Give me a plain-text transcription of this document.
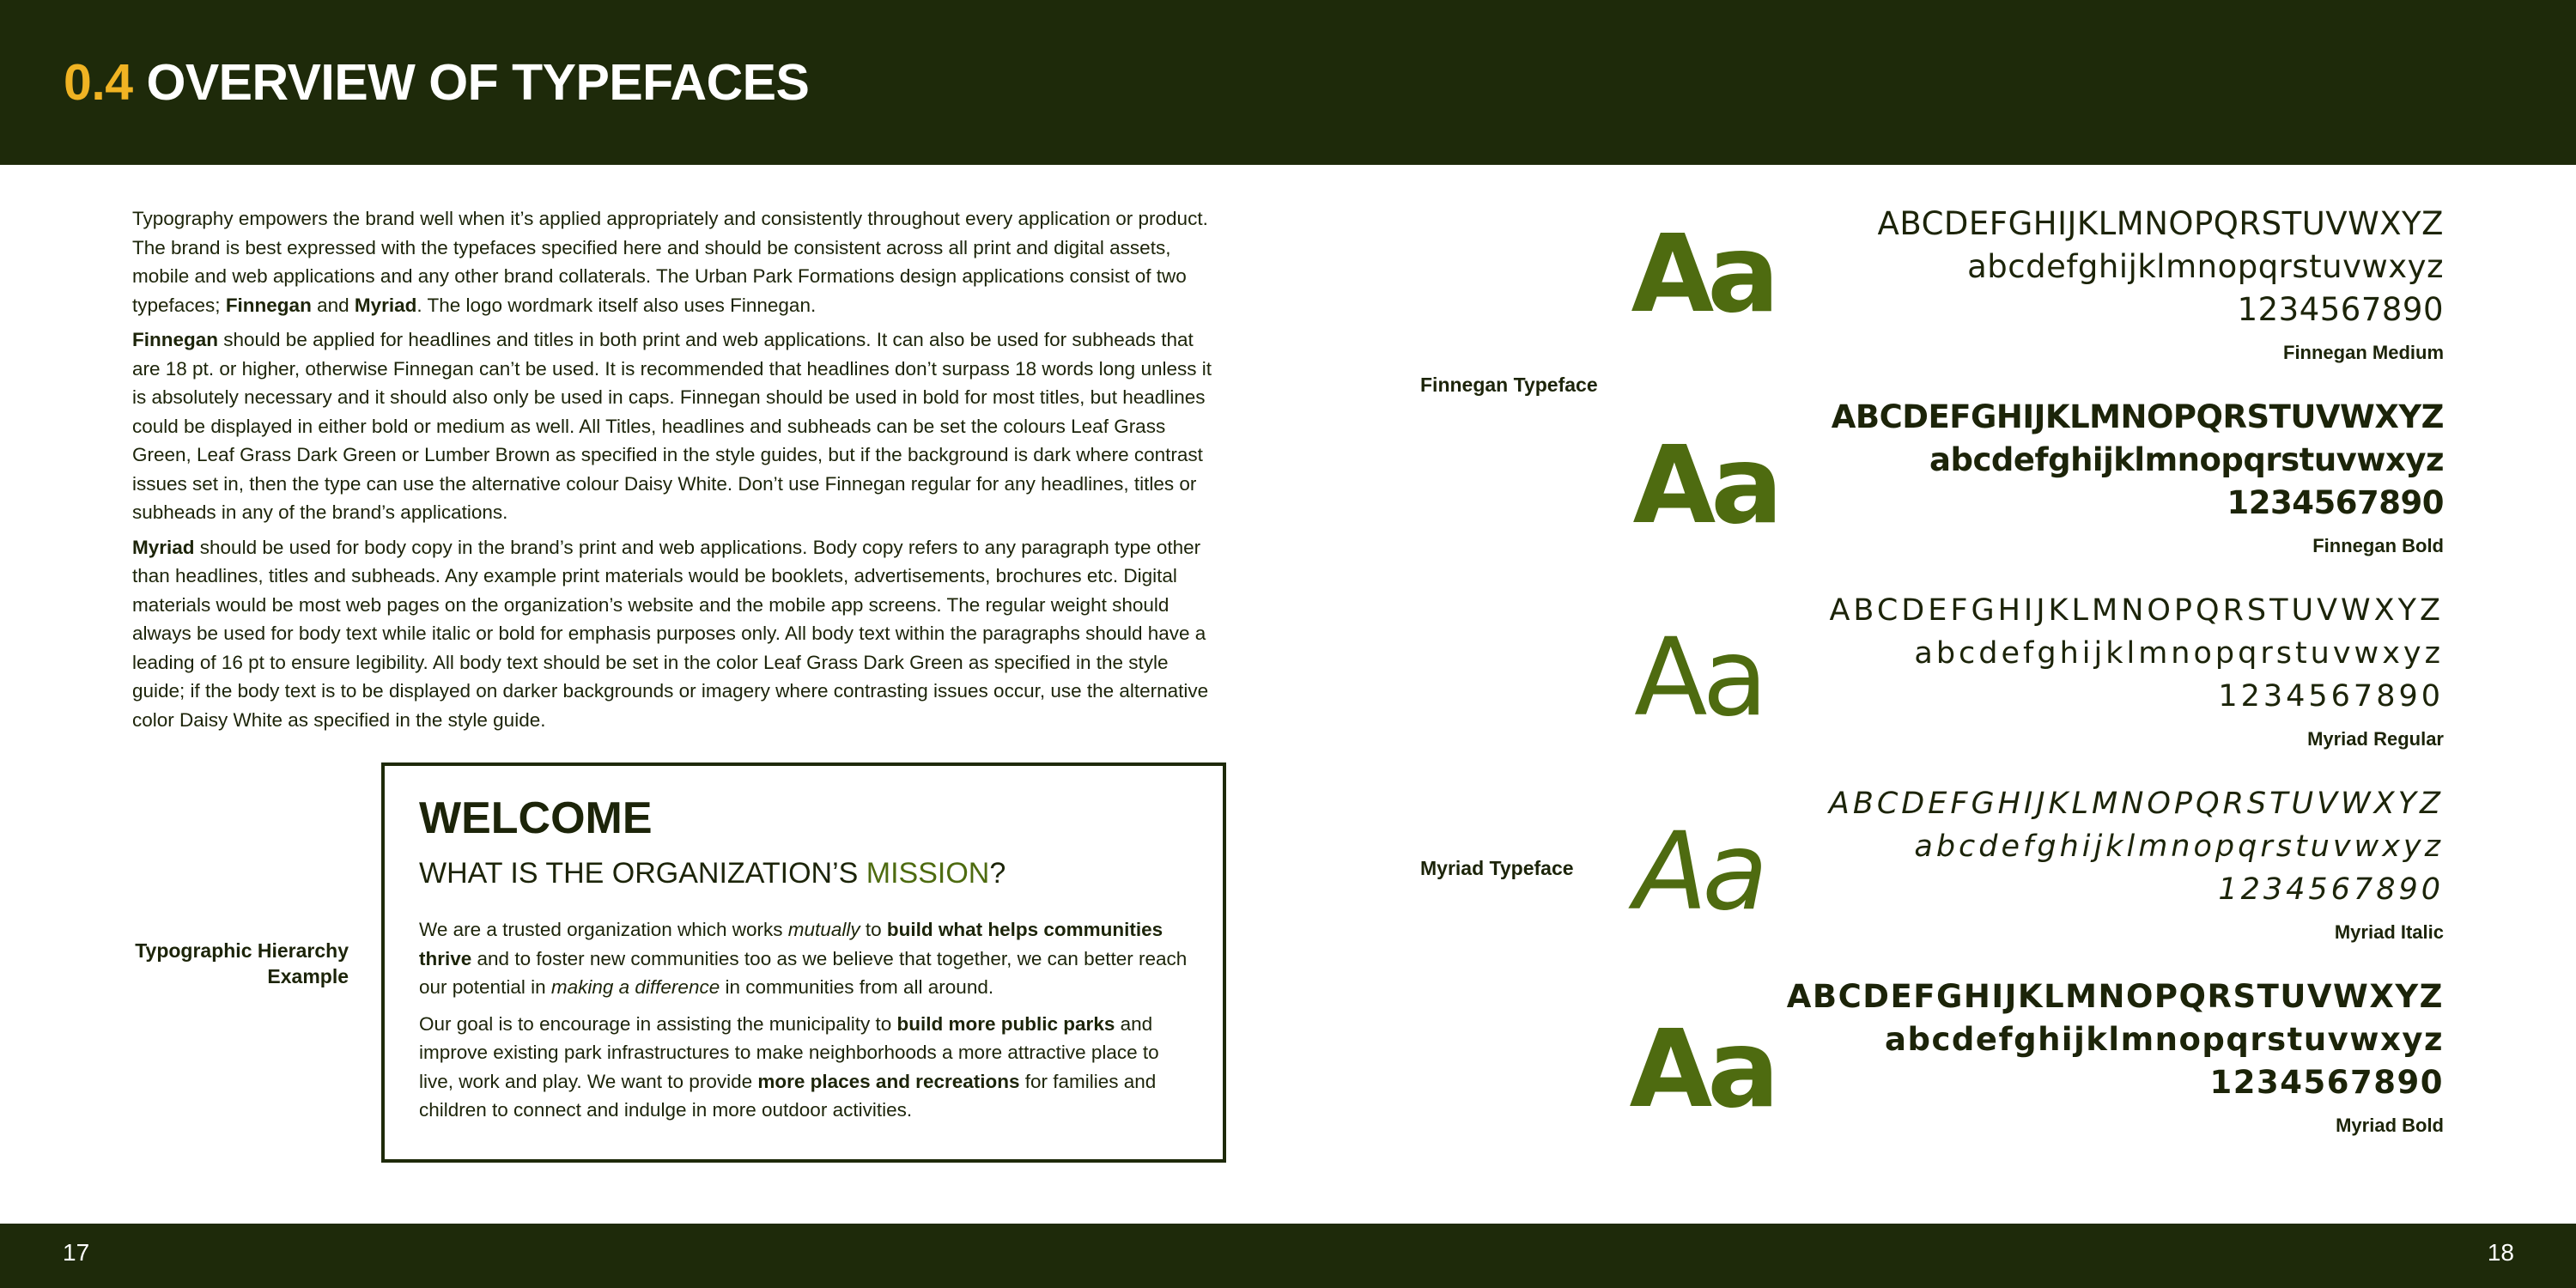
0.4 OVERVIEW OF TYPEFACES

Typography empowers the brand well when it’s applied appropriately and consistently throughout every application or product. The brand is best expressed with the typefaces specified here and should be consistent across all print and digital assets, mobile and web applications and any other brand collaterals. The Urban Park Formations design applications consist of two typefaces; Finnegan and Myriad. The logo wordmark itself also uses Finnegan.

Finnegan should be applied for headlines and titles in both print and web applications. It can also be used for subheads that are 18 pt. or higher, otherwise Finnegan can’t be used. It is recommended that headlines don’t surpass 18 words long unless it is absolutely necessary and it should also only be used in caps. Finnegan should be used in bold for most titles, but headlines could be displayed in either bold or medium as well. All Titles, headlines and subheads can be set the colours Leaf Grass Green, Leaf Grass Dark Green or Lumber Brown as specified in the style guides, but if the background is dark where contrast issues set in, then the type can use the alternative colour Daisy White. Don’t use Finnegan regular for any headlines, titles or subheads in any of the brand’s applications.

Myriad should be used for body copy in the brand’s print and web applications. Body copy refers to any paragraph type other than headlines, titles and subheads. Any example print materials would be booklets, advertisements, brochures etc. Digital materials would be most web pages on the organization’s website and the mobile app screens. The regular weight should always be used for body text while italic or bold for emphasis purposes only. All body text within the paragraphs should have a leading of 16 pt to ensure legibility. All body text should be set in the color Leaf Grass Dark Green as specified in the style guide; if the body text is to be displayed on darker backgrounds or imagery where contrasting issues occur, use the alternative color Daisy White as specified in the style guide.

Typographic Hierarchy
Example
WELCOME
WHAT IS THE ORGANIZATION’S MISSION?

We are a trusted organization which works mutually to build what helps communities thrive and to foster new communities too as we believe that together, we can better reach our potential in making a difference in communities from all around.

Our goal is to encourage in assisting the municipality to build more public parks and improve existing park infrastructures to make neighborhoods a more attractive place to live, work and play. We want to provide more places and recreations for families and children to connect and indulge in more outdoor activities.

Finnegan Typeface
Myriad Typeface
Aa
Aa
Aa
Aa
Aa
ABCDEFGHIJKLMNOPQRSTUVWXYZ
abcdefghijklmnopqrstuvwxyz
1234567890
Finnegan Medium
ABCDEFGHIJKLMNOPQRSTUVWXYZ
abcdefghijklmnopqrstuvwxyz
1234567890
Finnegan Bold
ABCDEFGHIJKLMNOPQRSTUVWXYZ
abcdefghijklmnopqrstuvwxyz
1234567890
Myriad Regular
ABCDEFGHIJKLMNOPQRSTUVWXYZ
abcdefghijklmnopqrstuvwxyz
1234567890
Myriad Italic
ABCDEFGHIJKLMNOPQRSTUVWXYZ
abcdefghijklmnopqrstuvwxyz
1234567890
Myriad Bold
17	18
